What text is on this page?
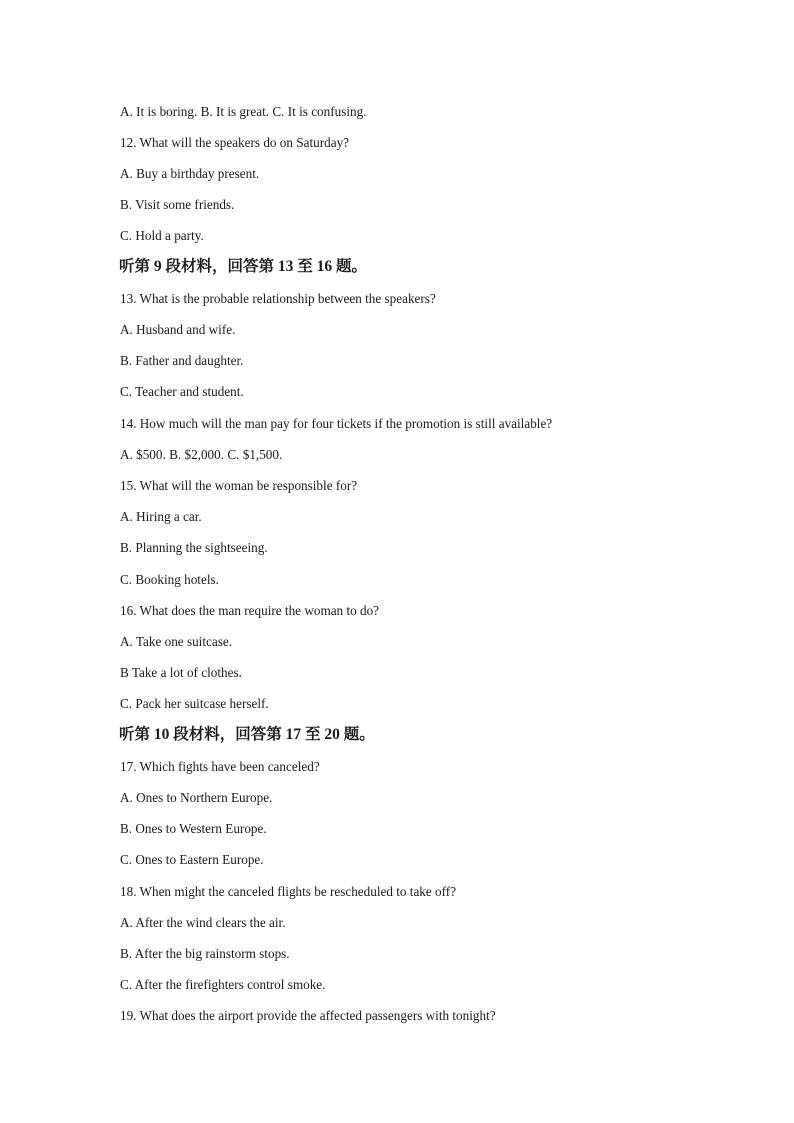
A. It is boring. B. It is great. C. It is confusing.
12. What will the speakers do on Saturday?
A. Buy a birthday present.
B. Visit some friends.
C. Hold a party.
听第 9 段材料，回答第 13 至 16 题。
13. What is the probable relationship between the speakers?
A. Husband and wife.
B. Father and daughter.
C. Teacher and student.
14. How much will the man pay for four tickets if the promotion is still available?
A. $500. B. $2,000. C. $1,500.
15. What will the woman be responsible for?
A. Hiring a car.
B. Planning the sightseeing.
C. Booking hotels.
16. What does the man require the woman to do?
A. Take one suitcase.
B Take a lot of clothes.
C. Pack her suitcase herself.
听第 10 段材料，回答第 17 至 20 题。
17. Which fights have been canceled?
A. Ones to Northern Europe.
B. Ones to Western Europe.
C. Ones to Eastern Europe.
18. When might the canceled flights be rescheduled to take off?
A. After the wind clears the air.
B. After the big rainstorm stops.
C. After the firefighters control smoke.
19. What does the airport provide the affected passengers with tonight?
